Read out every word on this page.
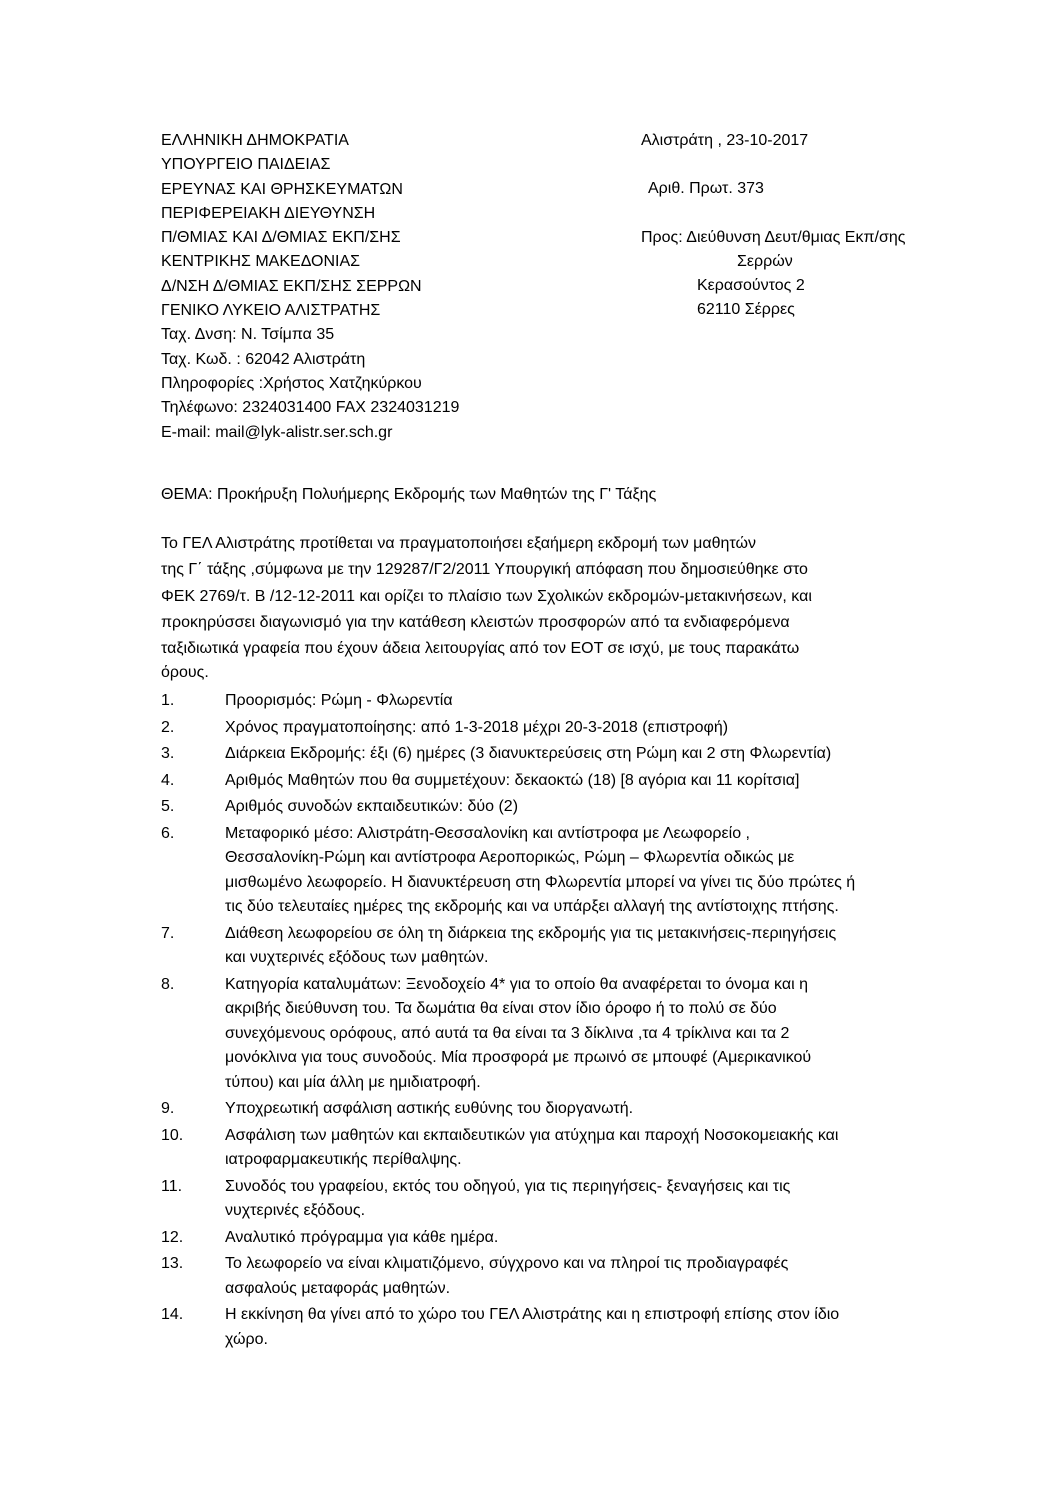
ΕΛΛΗΝΙΚΗ ΔΗΜΟΚΡΑΤΙΑ
ΥΠΟΥΡΓΕΙΟ ΠΑΙΔΕΙΑΣ
ΕΡΕΥΝΑΣ ΚΑΙ ΘΡΗΣΚΕΥΜΑΤΩΝ
ΠΕΡΙΦΕΡΕΙΑΚΗ ΔΙΕΥΘΥΝΣΗ
Π/ΘΜΙΑΣ ΚΑΙ Δ/ΘΜΙΑΣ ΕΚΠ/ΣΗΣ
ΚΕΝΤΡΙΚΗΣ ΜΑΚΕΔΟΝΙΑΣ
Δ/ΝΣΗ Δ/ΘΜΙΑΣ ΕΚΠ/ΣΗΣ ΣΕΡΡΩΝ
ΓΕΝΙΚΟ ΛΥΚΕΙΟ ΑΛΙΣΤΡΑΤΗΣ
Ταχ. Δνση: Ν. Τσίμπα 35
Ταχ. Κωδ. : 62042 Αλιστράτη
Πληροφορίες :Χρήστος Χατζηκύρκου
Τηλέφωνο: 2324031400 FAX 2324031219
E-mail: mail@lyk-alistr.ser.sch.gr
Αλιστράτη , 23-10-2017
Αριθ. Πρωτ. 373
Προς: Διεύθυνση Δευτ/θμιας Εκπ/σης
Σερρών
Κερασούντος 2
62110 Σέρρες
ΘΕΜΑ: Προκήρυξη Πολυήμερης Εκδρομής των Μαθητών της Γ' Τάξης
Το ΓΕΛ Αλιστράτης προτίθεται να πραγματοποιήσει εξαήμερη εκδρομή των μαθητών
της Γ΄ τάξης ,σύμφωνα με την 129287/Γ2/2011 Υπουργική απόφαση που δημοσιεύθηκε στο
ΦΕΚ 2769/τ. Β /12-12-2011 και ορίζει το πλαίσιο των Σχολικών εκδρομών-μετακινήσεων, και
προκηρύσσει διαγωνισμό για την κατάθεση κλειστών προσφορών από τα ενδιαφερόμενα
ταξιδιωτικά γραφεία που έχουν άδεια λειτουργίας από τον ΕΟΤ σε ισχύ, με τους παρακάτω
όρους.
1.	Προορισμός: Ρώμη - Φλωρεντία
2.	Χρόνος πραγματοποίησης: από 1-3-2018 μέχρι 20-3-2018 (επιστροφή)
3.	Διάρκεια Εκδρομής: έξι (6) ημέρες (3 διανυκτερεύσεις στη Ρώμη και 2 στη Φλωρεντία)
4.	Αριθμός Μαθητών που θα συμμετέχουν: δεκαοκτώ (18) [8 αγόρια και 11 κορίτσια]
5.	Αριθμός συνοδών εκπαιδευτικών: δύο (2)
6.	Μεταφορικό μέσο: Αλιστράτη-Θεσσαλονίκη και αντίστροφα με Λεωφορείο ,
Θεσσαλονίκη-Ρώμη και αντίστροφα Αεροπορικώς, Ρώμη – Φλωρεντία οδικώς με
μισθωμένο λεωφορείο. Η διανυκτέρευση στη Φλωρεντία μπορεί να γίνει τις δύο πρώτες ή
τις δύο τελευταίες ημέρες της εκδρομής και να υπάρξει αλλαγή της αντίστοιχης πτήσης.
7.	Διάθεση λεωφορείου σε όλη τη διάρκεια της εκδρομής για τις μετακινήσεις-περιηγήσεις
και νυχτερινές εξόδους των μαθητών.
8.	Κατηγορία καταλυμάτων: Ξενοδοχείο 4* για το οποίο θα αναφέρεται το όνομα και η
ακριβής διεύθυνση του. Τα δωμάτια θα είναι στον ίδιο όροφο ή το πολύ σε δύο
συνεχόμενους ορόφους, από αυτά τα θα είναι τα 3 δίκλινα ,τα 4 τρίκλινα και τα 2
μονόκλινα για τους συνοδούς. Μία προσφορά με πρωινό σε μπουφέ (Αμερικανικού
τύπου) και μία άλλη με ημιδιατροφή.
9.	Υποχρεωτική ασφάλιση αστικής ευθύνης του διοργανωτή.
10.	Ασφάλιση των μαθητών και εκπαιδευτικών για ατύχημα και παροχή Νοσοκομειακής και
ιατροφαρμακευτικής περίθαλψης.
11.	Συνοδός του γραφείου, εκτός του οδηγού, για τις περιηγήσεις- ξεναγήσεις και τις
νυχτερινές εξόδους.
12.	Αναλυτικό πρόγραμμα για κάθε ημέρα.
13.	Το λεωφορείο να είναι κλιματιζόμενο, σύγχρονο και να πληροί τις προδιαγραφές
ασφαλούς μεταφοράς μαθητών.
14.	Η εκκίνηση θα γίνει από το χώρο του ΓΕΛ Αλιστράτης και η επιστροφή επίσης στον ίδιο
χώρο.
